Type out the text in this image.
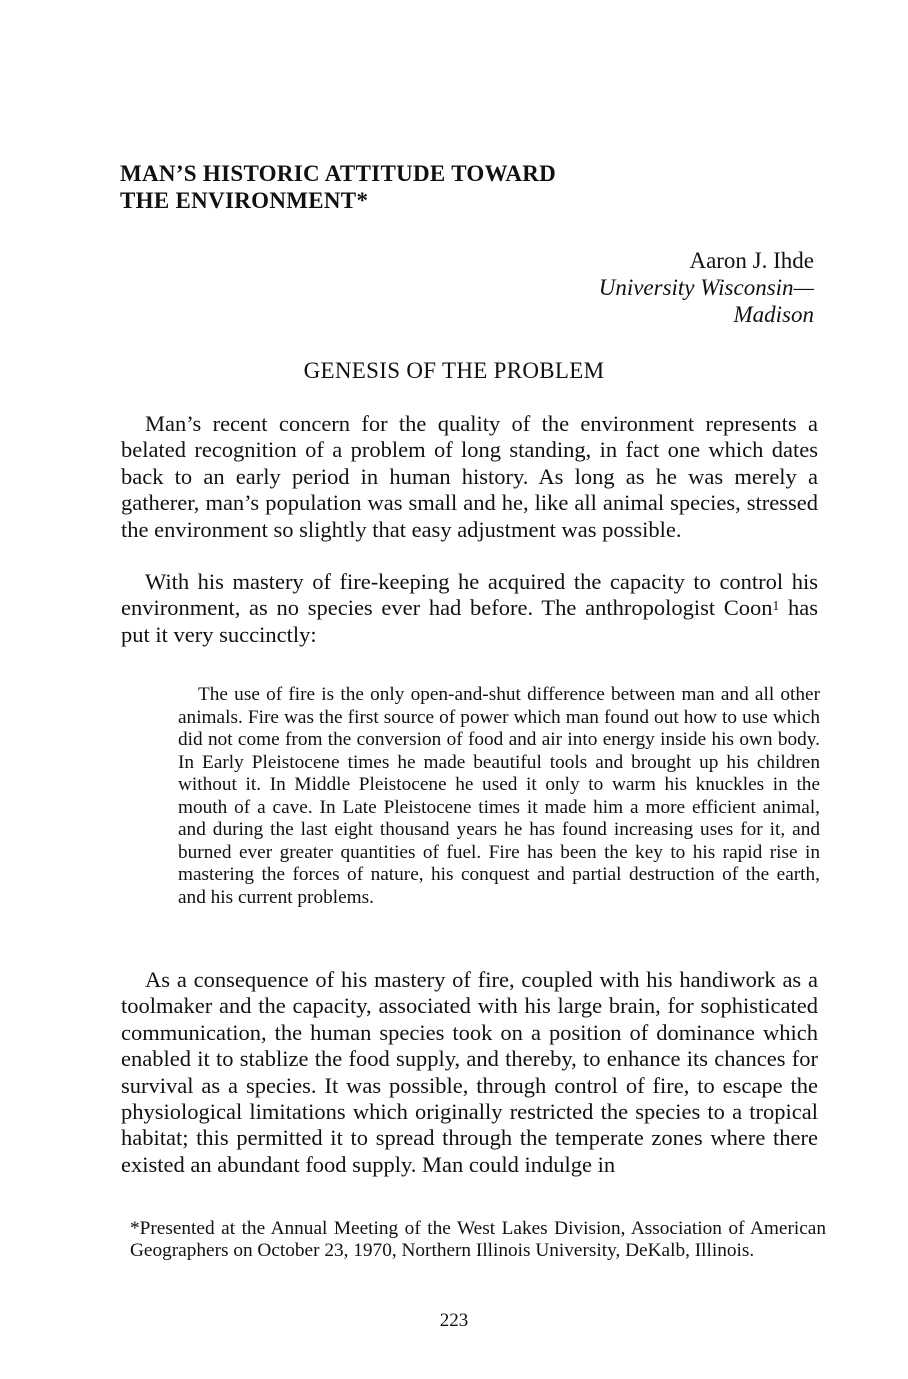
MAN’S HISTORIC ATTITUDE TOWARD
THE ENVIRONMENT*
Aaron J. Ihde
University Wisconsin—
Madison
GENESIS OF THE PROBLEM

Man’s recent concern for the quality of the environment represents a belated recognition of a problem of long standing, in fact one which dates back to an early period in human history. As long as he was merely a gatherer, man’s population was small and he, like all animal species, stressed the environment so slightly that easy adjustment was possible.

With his mastery of fire-keeping he acquired the capacity to control his environment, as no species ever had before. The anthropologist Coon$^1$ has put it very succinctly:

The use of fire is the only open-and-shut difference between man and all other animals. Fire was the first source of power which man found out how to use which did not come from the conversion of food and air into energy inside his own body. In Early Pleistocene times he made beautiful tools and brought up his children without it. In Middle Pleistocene he used it only to warm his knuckles in the mouth of a cave. In Late Pleistocene times it made him a more efficient animal, and during the last eight thousand years he has found increasing uses for it, and burned ever greater quantities of fuel. Fire has been the key to his rapid rise in mastering the forces of nature, his conquest and partial destruction of the earth, and his current problems.

As a consequence of his mastery of fire, coupled with his handiwork as a toolmaker and the capacity, associated with his large brain, for sophisticated communication, the human species took on a position of dominance which enabled it to stablize the food supply, and thereby, to enhance its chances for survival as a species. It was possible, through control of fire, to escape the physiological limitations which originally restricted the species to a tropical habitat; this permitted it to spread through the temperate zones where there existed an abundant food supply. Man could indulge in

*Presented at the Annual Meeting of the West Lakes Division, Association of American Geographers on October 23, 1970, Northern Illinois University, DeKalb, Illinois.

223
